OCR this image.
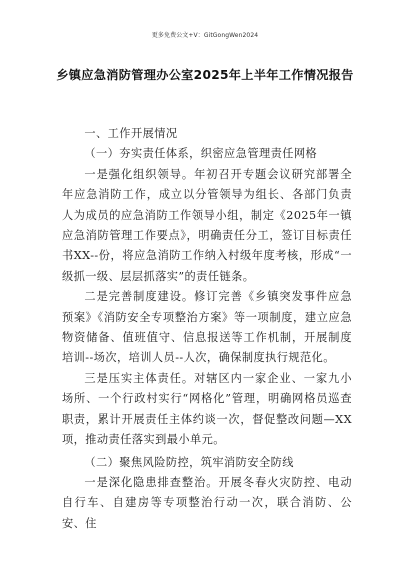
更多免费公文+V：GitGongWen2024
乡镇应急消防管理办公室2025年上半年工作情况报告

一、工作开展情况

（一）夯实责任体系，织密应急管理责任网格

一是强化组织领导。年初召开专题会议研究部署全年应急消防工作，成立以分管领导为组长、各部门负责人为成员的应急消防工作领导小组，制定《2025年一镇应急消防管理工作要点》，明确责任分工，签订目标责任书XX--份，将应急消防工作纳入村级年度考核，形成“一级抓一级、层层抓落实”的责任链条。

二是完善制度建设。修订完善《乡镇突发事件应急预案》《消防安全专项整治方案》等一项制度，建立应急物资储备、值班值守、信息报送等工作机制，开展制度培训--场次，培训人员--人次，确保制度执行规范化。

三是压实主体责任。对辖区内一家企业、一家九小场所、一个行政村实行“网格化”管理，明确网格员巡查职责，累计开展责任主体约谈一次，督促整改问题—XX项，推动责任落实到最小单元。

（二）聚焦风险防控，筑牢消防安全防线

一是深化隐患排查整治。开展冬春火灾防控、电动自行车、自建房等专项整治行动一次，联合消防、公安、住
